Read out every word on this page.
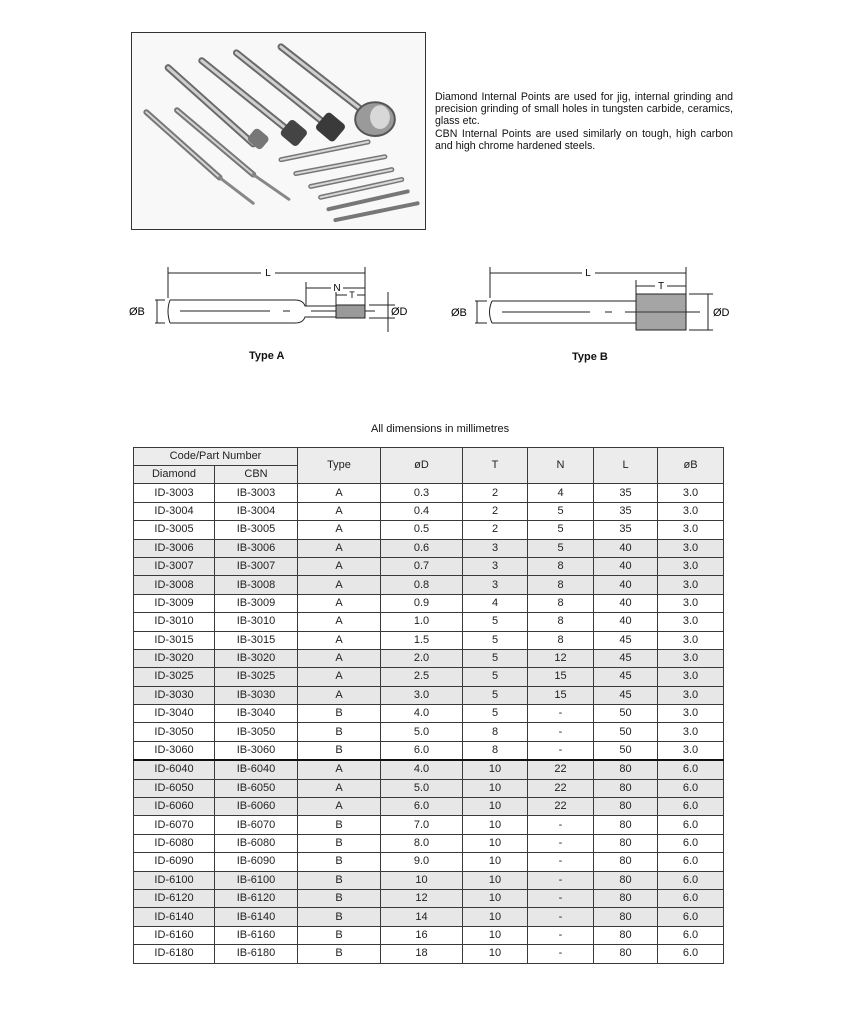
Diamond Internal Points are used for jig, internal grinding and precision grinding of small holes in tungsten carbide, ceramics, glass etc.

CBN Internal Points are used similarly on tough, high carbon and high chrome hardened steels.

L
N
T
ØB	ØD
Type A
L
T
ØB	ØD
Type B
All dimensions in millimetres
Code/Part Number		Type	øD	T	N	L	øB
Diamond	CBN						
ID-3003	IB-3003	A	0.3	2	4	35	3.0
ID-3004	IB-3004	A	0.4	2	5	35	3.0
ID-3005	IB-3005	A	0.5	2	5	35	3.0
ID-3006	IB-3006	A	0.6	3	5	40	3.0
ID-3007	IB-3007	A	0.7	3	8	40	3.0
ID-3008	IB-3008	A	0.8	3	8	40	3.0
ID-3009	IB-3009	A	0.9	4	8	40	3.0
ID-3010	IB-3010	A	1.0	5	8	40	3.0
ID-3015	IB-3015	A	1.5	5	8	45	3.0
ID-3020	IB-3020	A	2.0	5	12	45	3.0
ID-3025	IB-3025	A	2.5	5	15	45	3.0
ID-3030	IB-3030	A	3.0	5	15	45	3.0
ID-3040	IB-3040	B	4.0	5	-	50	3.0
ID-3050	IB-3050	B	5.0	8	-	50	3.0
ID-3060	IB-3060	B	6.0	8	-	50	3.0
ID-6040	IB-6040	A	4.0	10	22	80	6.0
ID-6050	IB-6050	A	5.0	10	22	80	6.0
ID-6060	IB-6060	A	6.0	10	22	80	6.0
ID-6070	IB-6070	B	7.0	10	-	80	6.0
ID-6080	IB-6080	B	8.0	10	-	80	6.0
ID-6090	IB-6090	B	9.0	10	-	80	6.0
ID-6100	IB-6100	B	10	10	-	80	6.0
ID-6120	IB-6120	B	12	10	-	80	6.0
ID-6140	IB-6140	B	14	10	-	80	6.0
ID-6160	IB-6160	B	16	10	-	80	6.0
ID-6180	IB-6180	B	18	10	-	80	6.0
